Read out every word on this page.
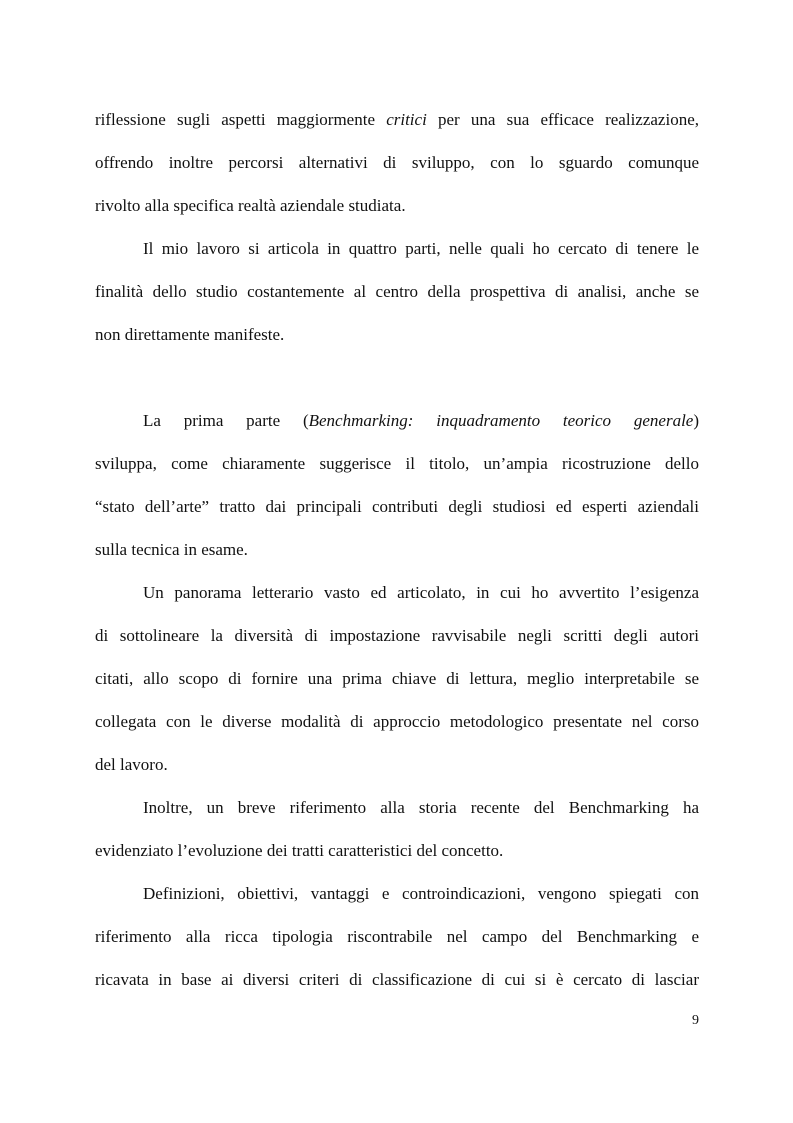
riflessione sugli aspetti maggiormente critici per una sua efficace realizzazione,
offrendo inoltre percorsi alternativi di sviluppo, con lo sguardo comunque
rivolto alla specifica realtà aziendale studiata.

Il mio lavoro si articola in quattro parti, nelle quali ho cercato di tenere le
finalità dello studio costantemente al centro della prospettiva di analisi, anche se
non direttamente manifeste.

La prima parte (Benchmarking: inquadramento teorico generale)
sviluppa, come chiaramente suggerisce il titolo, un’ampia ricostruzione dello
“stato dell’arte” tratto dai principali contributi degli studiosi ed esperti aziendali
sulla tecnica in esame.

Un panorama letterario vasto ed articolato, in cui ho avvertito l’esigenza
di sottolineare la diversità di impostazione ravvisabile negli scritti degli autori
citati, allo scopo di fornire una prima chiave di lettura, meglio interpretabile se
collegata con le diverse modalità di approccio metodologico presentate nel corso
del lavoro.

Inoltre, un breve riferimento alla storia recente del Benchmarking ha
evidenziato l’evoluzione dei tratti caratteristici del concetto.

Definizioni, obiettivi, vantaggi e controindicazioni, vengono spiegati con
riferimento alla ricca tipologia riscontrabile nel campo del Benchmarking e
ricavata in base ai diversi criteri di classificazione di cui si è cercato di lasciar

9
